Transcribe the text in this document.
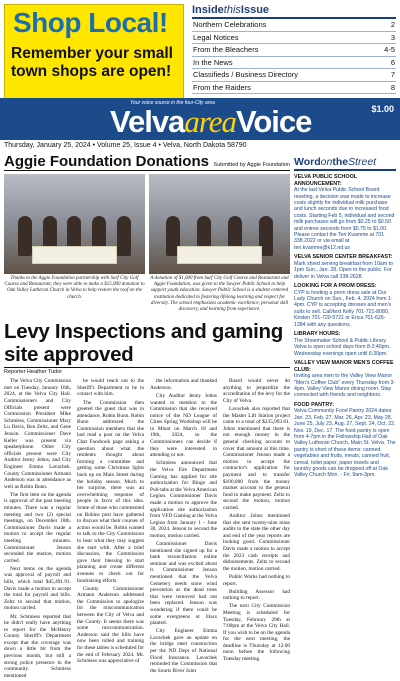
Shop Local!
Remember your small
town shops are open!
InsidethisIssue
Northern Celebrations	2
Legal Notices	3
From the Bleachers	4-5
In the News	6
Classifieds / Business Directory	7
From the Raiders	8
Your voice source in the four-City area
$1.00
VelvaareaVoice
Thursday, January 25, 2024 • Volume 25, Issue 4 • Velva, North Dakota 58790
Aggie Foundation Donations Submitted by Aggie Foundation
Thanks to the Aggie Foundation partnership with Surf City Golf Course and Restaurant, they were able to make a $15,000 donation to Oak Valley Lutheran Church in Velva to help restore the roof on the church.
A donation of $1,000 from Surf City Golf Course and Restaurant and Aggie Foundation, was given to the Sawyer Public School to help support youth education. Sawyer Public School is a student centered institution dedicated to fostering lifelong learning and respect for diversity. The school emphasizes academic excellence, personal skill discovery, and learning from experience.
Levy Inspections and gaming site approved
Reporter Heather Tudor

The Velva City Commission met on Tuesday, January 16th, 2024, at the Velva City Hall. Commissioners and City Officials present were Commission President Mike Schmiess, Commissioner Mary Lu Davis, Ben Zeltz, and Gene Jenson. Commissioner Dave Keller was present via speakerphone. Other City officials present were City Auditor Jenny Johns, and City Engineer Emma Lavachek. County Commissioner Armann Anderson was in attendance as well as Robin Bunn.

The first item on the agenda is approval of the past meeting minutes. There was a regular meeting and two (2) special meetings, on December 18th. Commissioner Davis made a motion to accept the regular meeting minutes. Commissioner Jenson seconded the motion, motion carried.

Next items on the agenda was approval of payroll and bills, which total $45,491.91. Davis made a motion to accept the total for payroll and bills. Zeltz to second that motion, motion carried.

Mr. Schmiess reported that he didn't really have anything to report for the McHenry County Sheriff's Department except that the coverage was down a little bit from the previous month, but still a strong police presence in the community. Schmiess mentioned

he would reach out to the Sheriff's Department to be in contact with him.

The Commission then greeted the guest that was in attendance, Robin Bunn. Robin Bunn addressed the Commission members that she had read a post on the Velva Chat Facebook page asking a question about what the residents thought about forming a committee and getting some Christmas lights back up on Main Street during the holiday season. Much to her surprise, there was an overwhelming response of people in favor of this idea. Some of those who commented on Robins post have gathered to discuss what their courses of action would be. Robin wanted to talk to the City Commission to hear what they may suggest she start with. After a brief discussion, the Commission gave their blessing to start planning and create different avenues to check out for fundraising efforts.

County Commissioner Armann Anderson addressed the Commission to apologize for the miscommunication between the City of Velva and the County. It seems there was some miscommunication. Anderson said the bills have now been rolled and training for these tables is scheduled for the end of February 2024. Mr. Schmiess was appreciative of

the information and thanked Anderson.

City Auditor Jenny Johns wanted to mention to the Commission that she received notice of the ND League of Cities Spring Workshop will be in Minot on March 18 and 19th, 2024, so the Commissioners can decide if they were interested in attending or not.

Schmiess announced that the Velva Fire Department Gaming has applied for site authorization for Bingo and Pull-tabs at the Velva American Legion. Commissioner Davis made a motion to approve the application site authorization from VFD Gaming at the Velva Legion from January 1 - June 30, 2024. Jenson to second the motion, motion carried.

Commissioner Davis mentioned she signed up for a bank reconciliation online seminar and was excited about it. Commissioner Jenson mentioned that the Velva Cemetery needs snow wind prevention as the dead trees that were removed had not been replaced. Jenson was wondering if there could be some evergreens or lilacs planted.

City Engineer Emma Lavachek gave an update on the bridge steel construction per the ND Dept of National Flood Insurance. Lavachek reminded the Commission that the Souris River Joint

Board would never do anything to jeopardize the accreditation of the levy for the City of Velva.

Lavachek also reported that the Master Lift Station project came to a total of $235,993.61. Johns mentioned that there is not enough money in the general checking account to cover that amount at this time. Commissioner Jenson made a motion to accept the contractor's application for payment and to transfer $100,000 from the money market account to the general fund to make payment. Zeltz to second the motion, motion carried.

Auditor Johns mentioned that she sent twenty-nine mass audits to the state the other day and end of the year reports are looking good. Commissioner Davis made a motion to accept the 2023 cash receipts and disbursements. Zeltz to second the motion, motion carried.

Public Works had nothing to report.

Building Assessor had nothing to report.

The next City Commission Meeting is scheduled for Tuesday, February 20th at 7:00pm at the Velva City Hall. If you wish to be on the agenda for the next meeting, the deadline is Thursday at 12:00 noon before the following Tuesday meeting.

WordontheStreet
VELVA PUBLIC SCHOOL ANNOUNCEMENT:
At the last Velva Public School Board meeting, a decision was made to increase costs slightly for individual milk purchase and lunch seconds due to increased food costs. Starting Feb 5, individual and second milk purchases will go from $0.25 to $0.50 and entree seconds from $0.75 to $1.00. Please contact the Teri Kvamme at 701 338.2022 or via email at teri.kvamme@k12.nd.us
VELVA SENIOR CENTER BREAKFAST:
Mark shred serving breakfast from 10am to 1pm Sun., Jan. 28. Open to the public. For deliver in Velva call 338-2628.
LOOKING FOR A PROM DRESS:
CYP is hosting a prom dress sale at Our Lady Church on Sun., Feb. 4, 2024 from 1-4pm. CYP is accepting dresses and men's suits to sell. Call/text Kelly 701-721-8080, Kristen 701-720-5721 or Erica 701-626-1384 with any questions.
LIBRARY HOURS:
The Shoemaker School & Public Library Velva is open school days from 8-3:40pm. Wednesday evenings open until 6:30pm.
VALLEY VIEW MANOR MEN'S COFFEE CLUB:
Inviting area men to the Valley View Manor "Men's Coffee Club" every Thursday from 3-4pm. Valley View Manor dining room. Stay connected with friends and neighbors.
FOOD PANTRY:
Velva Community Food Pantry 2024 dates: Jan. 23, Feb. 27, Mar. 26, Apr. 23, May 28, June 25, July 23, Aug. 27, Sept. 24, Oct. 22, Nov. 19, Dec. 17. The food pantry is open from 4-7pm in the Fellowship Hall of Oak Valley Lutheran Church, Main St. Velva. The pantry is short of these items: canned vegetables and fruits, meats, canned fruit, cereal, toilet paper, paper towels and laundry goods can be dropped off at Oak Valley Church Mon. - Fri. 9am-3pm.
